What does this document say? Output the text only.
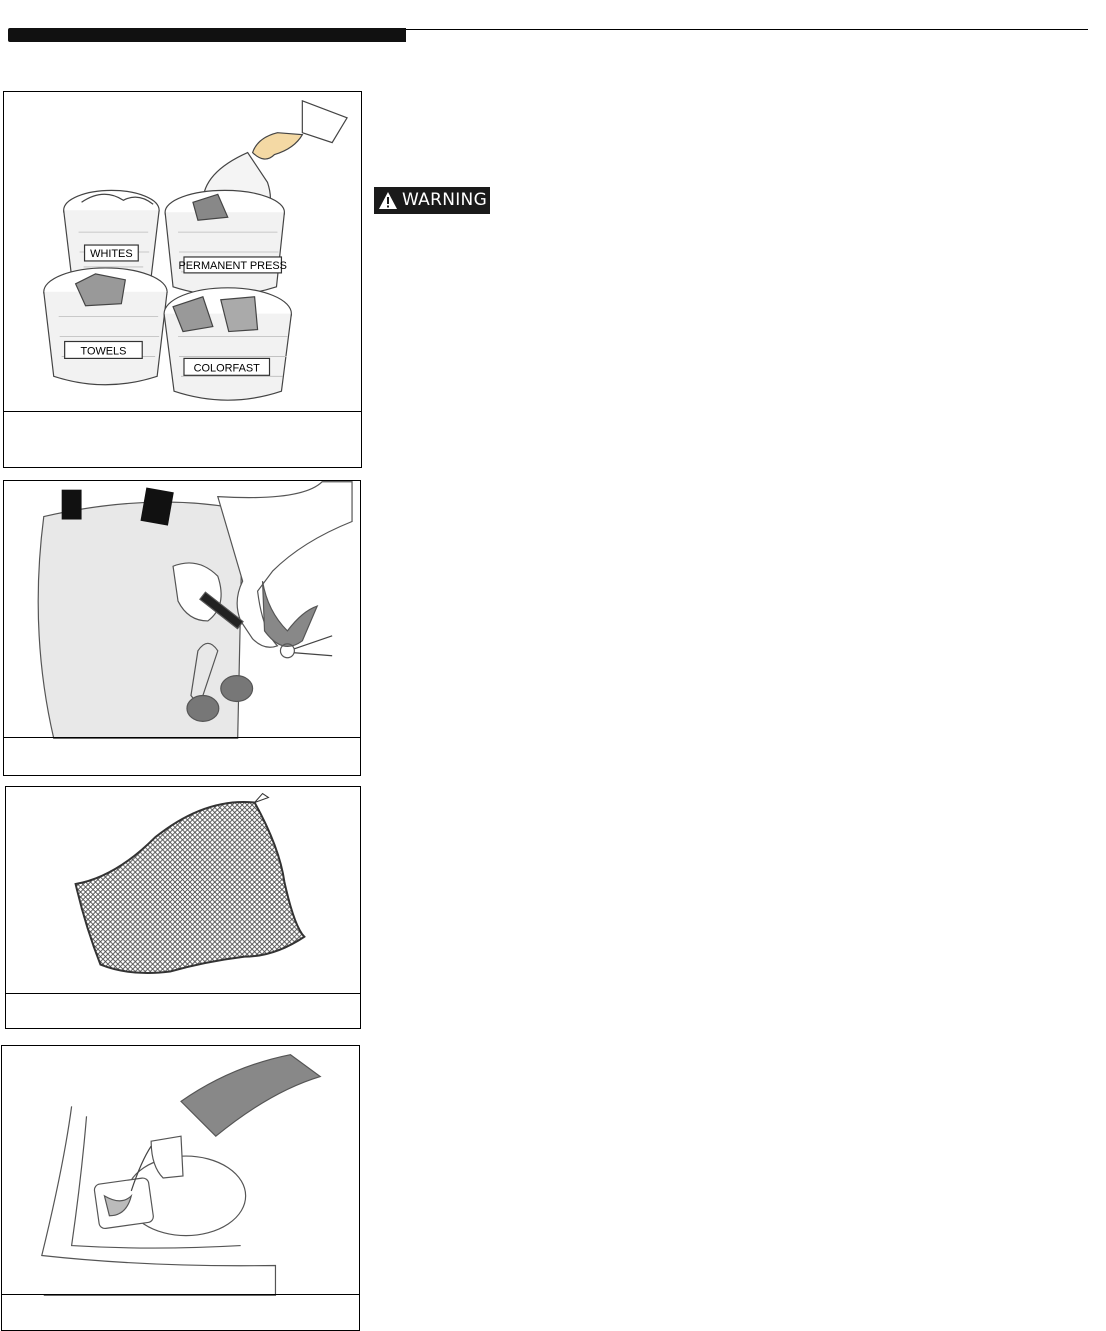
WHITES
PERMANENT PRESS
TOWELS
COLORFAST
WARNING
